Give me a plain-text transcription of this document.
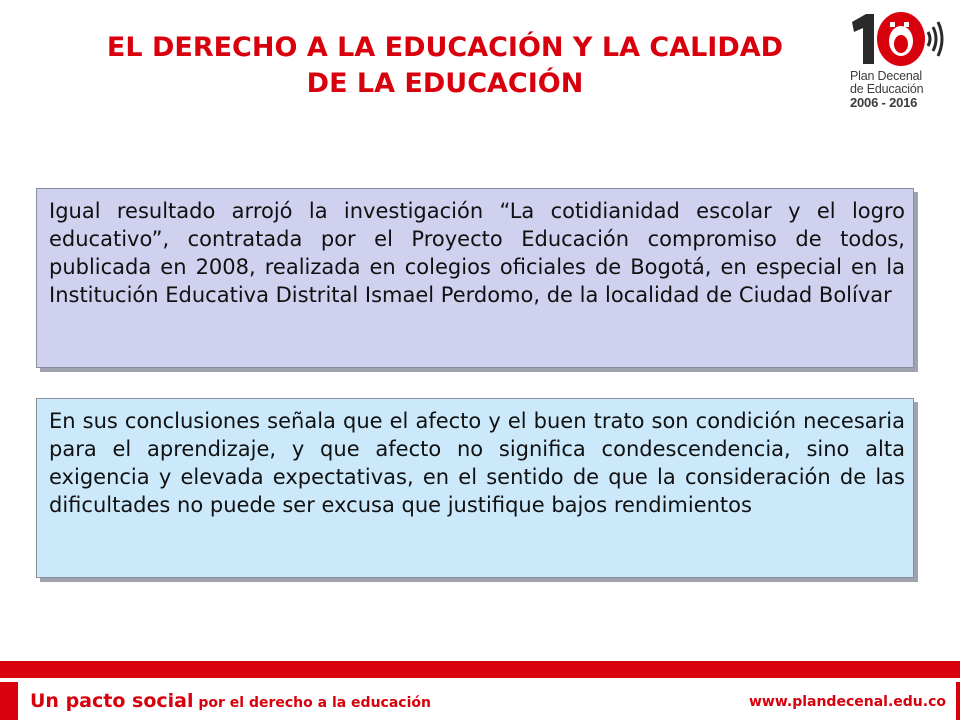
EL DERECHO A LA EDUCACIÓN Y LA CALIDAD
DE LA EDUCACIÓN	Plan Decenal
de Educación
2006 - 2016
Igual resultado arrojó la investigación “La cotidianidad escolar y el logro educativo”, contratada por el Proyecto Educación compromiso de todos, publicada en 2008, realizada en colegios oficiales de Bogotá, en especial en la Institución Educativa Distrital Ismael Perdomo, de la localidad de Ciudad Bolívar
En sus conclusiones señala que el afecto y el buen trato son condición necesaria para el aprendizaje, y que afecto no significa condescendencia, sino alta exigencia y elevada expectativas, en el sentido de que la consideración de las dificultades no puede ser excusa que justifique bajos rendimientos
Un pacto social por el derecho a la educación	www.plandecenal.edu.co
